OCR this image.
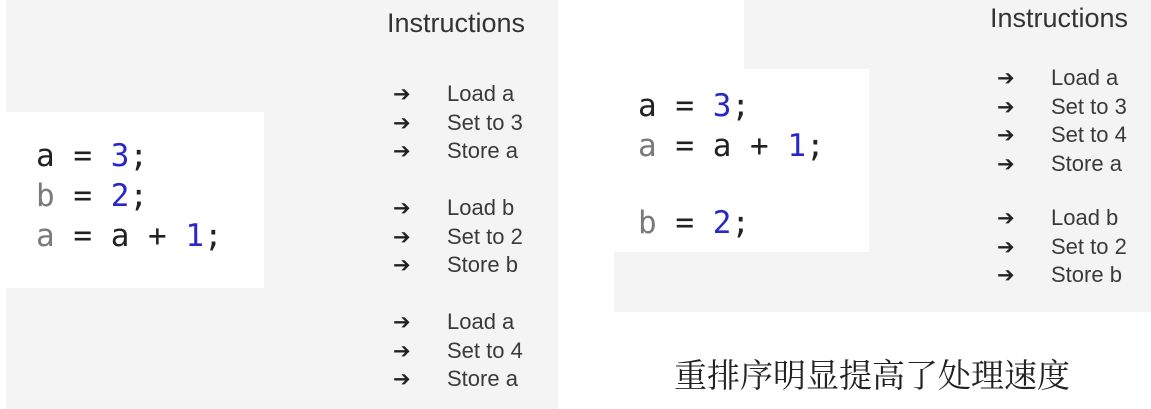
a = 3;
b = 2;
a = a + 1;
Instructions
➔ Load a
➔ Set to 3
➔ Store a
➔ Load b
➔ Set to 2
➔ Store b
➔ Load a
➔ Set to 4
➔ Store a
a = 3;
a = a + 1;
b = 2;
Instructions
➔ Load a
➔ Set to 3
➔ Set to 4
➔ Store a
➔ Load b
➔ Set to 2
➔ Store b
重排序明显提高了处理速度
